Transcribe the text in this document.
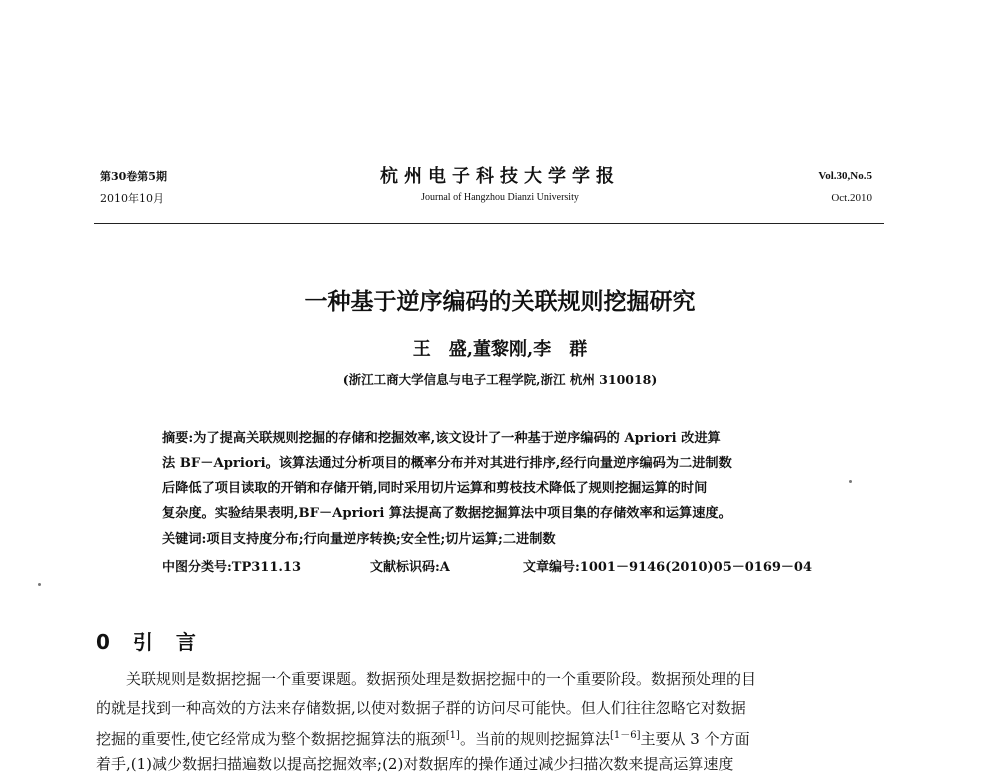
第30卷第5期
2010年10月
杭州电子科技大学学报
Journal of Hangzhou Dianzi University
Vol.30,No.5
Oct.2010
一种基于逆序编码的关联规则挖掘研究
王　盛,董黎刚,李　群
(浙江工商大学信息与电子工程学院,浙江 杭州 310018)
摘要:为了提高关联规则挖掘的存储和挖掘效率,该文设计了一种基于逆序编码的 Apriori 改进算
法 BF－Apriori。该算法通过分析项目的概率分布并对其进行排序,经行向量逆序编码为二进制数
后降低了项目读取的开销和存储开销,同时采用切片运算和剪枝技术降低了规则挖掘运算的时间
复杂度。实验结果表明,BF－Apriori 算法提高了数据挖掘算法中项目集的存储效率和运算速度。
关键词:项目支持度分布;行向量逆序转换;安全性;切片运算;二进制数
中图分类号:TP311.13	文献标识码:A	文章编号:1001－9146(2010)05－0169－04
0 引 言
关联规则是数据挖掘一个重要课题。数据预处理是数据挖掘中的一个重要阶段。数据预处理的目
的就是找到一种高效的方法来存储数据,以使对数据子群的访问尽可能快。但人们往往忽略它对数据
挖掘的重要性,使它经常成为整个数据挖掘算法的瓶颈[1]。当前的规则挖掘算法[1－6]主要从 3 个方面
着手,(1)减少数据扫描遍数以提高挖掘效率;(2)对数据库的操作通过减少扫描次数来提高运算速度
